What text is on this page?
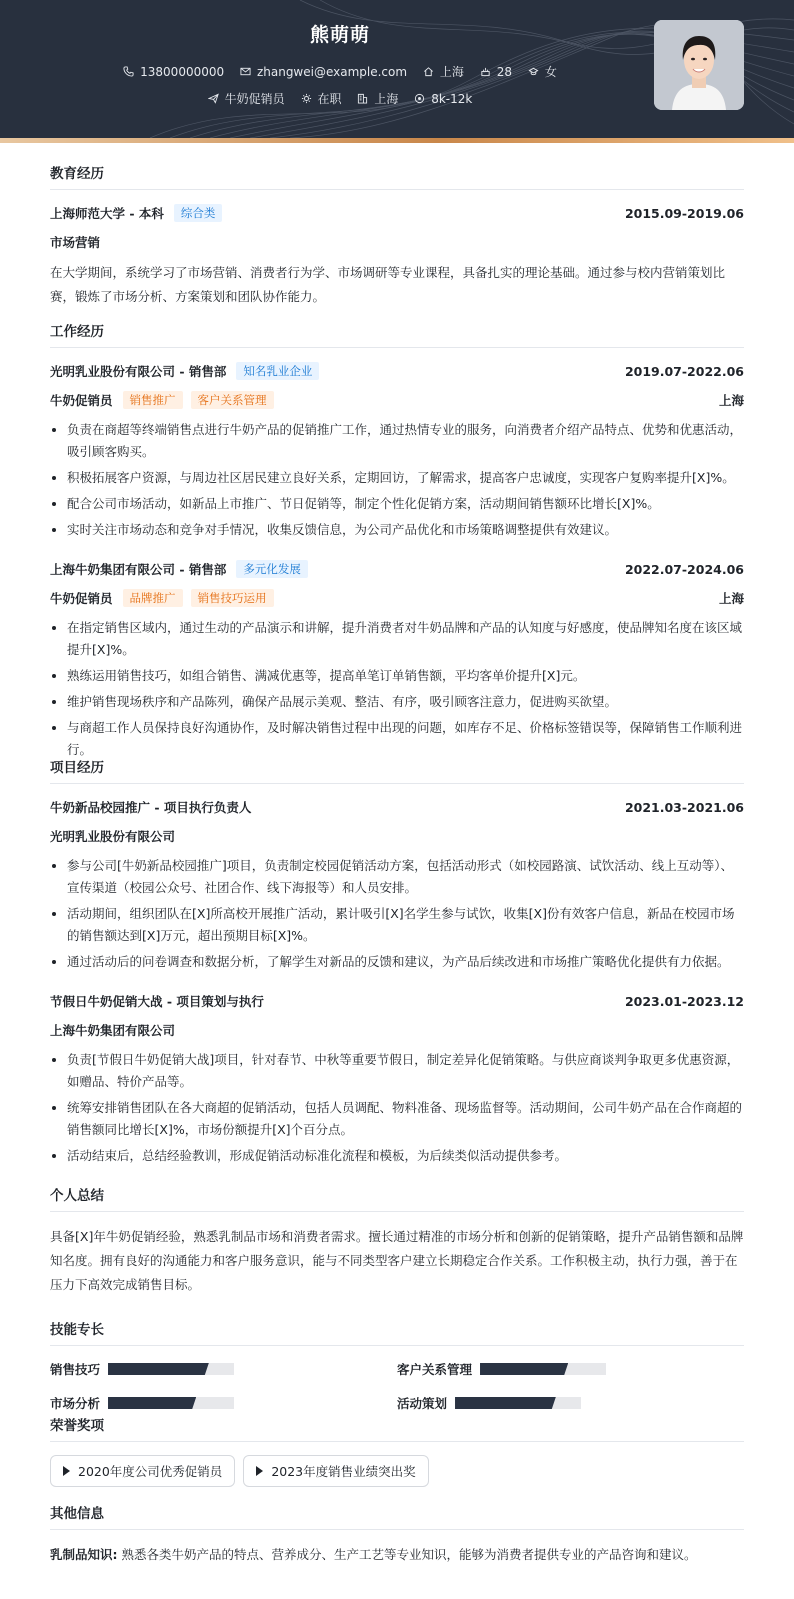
熊萌萌
13800000000	zhangwei@example.com	上海	28	女
牛奶促销员	在职	上海	8k-12k
教育经历
上海师范大学 - 本科	综合类	2015.09-2019.06
市场营销
在大学期间，系统学习了市场营销、消费者行为学、市场调研等专业课程，具备扎实的理论基础。通过参与校内营销策划比赛，锻炼了市场分析、方案策划和团队协作能力。
工作经历
光明乳业股份有限公司 - 销售部	知名乳业企业	2019.07-2022.06
牛奶促销员	销售推广	客户关系管理	上海
负责在商超等终端销售点进行牛奶产品的促销推广工作，通过热情专业的服务，向消费者介绍产品特点、优势和优惠活动，吸引顾客购买。
积极拓展客户资源，与周边社区居民建立良好关系，定期回访，了解需求，提高客户忠诚度，实现客户复购率提升[X]%。
配合公司市场活动，如新品上市推广、节日促销等，制定个性化促销方案，活动期间销售额环比增长[X]%。
实时关注市场动态和竞争对手情况，收集反馈信息，为公司产品优化和市场策略调整提供有效建议。
上海牛奶集团有限公司 - 销售部	多元化发展	2022.07-2024.06
牛奶促销员	品牌推广	销售技巧运用	上海
在指定销售区域内，通过生动的产品演示和讲解，提升消费者对牛奶品牌和产品的认知度与好感度，使品牌知名度在该区域提升[X]%。
熟练运用销售技巧，如组合销售、满减优惠等，提高单笔订单销售额，平均客单价提升[X]元。
维护销售现场秩序和产品陈列，确保产品展示美观、整洁、有序，吸引顾客注意力，促进购买欲望。
与商超工作人员保持良好沟通协作，及时解决销售过程中出现的问题，如库存不足、价格标签错误等，保障销售工作顺利进行。
项目经历
牛奶新品校园推广 - 项目执行负责人	2021.03-2021.06
光明乳业股份有限公司
参与公司[牛奶新品校园推广]项目，负责制定校园促销活动方案，包括活动形式（如校园路演、试饮活动、线上互动等）、宣传渠道（校园公众号、社团合作、线下海报等）和人员安排。
活动期间，组织团队在[X]所高校开展推广活动，累计吸引[X]名学生参与试饮，收集[X]份有效客户信息，新品在校园市场的销售额达到[X]万元，超出预期目标[X]%。
通过活动后的问卷调查和数据分析，了解学生对新品的反馈和建议，为产品后续改进和市场推广策略优化提供有力依据。
节假日牛奶促销大战 - 项目策划与执行	2023.01-2023.12
上海牛奶集团有限公司
负责[节假日牛奶促销大战]项目，针对春节、中秋等重要节假日，制定差异化促销策略。与供应商谈判争取更多优惠资源，如赠品、特价产品等。
统筹安排销售团队在各大商超的促销活动，包括人员调配、物料准备、现场监督等。活动期间，公司牛奶产品在合作商超的销售额同比增长[X]%，市场份额提升[X]个百分点。
活动结束后，总结经验教训，形成促销活动标准化流程和模板，为后续类似活动提供参考。
个人总结
具备[X]年牛奶促销经验，熟悉乳制品市场和消费者需求。擅长通过精准的市场分析和创新的促销策略，提升产品销售额和品牌知名度。拥有良好的沟通能力和客户服务意识，能与不同类型客户建立长期稳定合作关系。工作积极主动，执行力强，善于在压力下高效完成销售目标。
技能专长
销售技巧	客户关系管理
市场分析	活动策划
荣誉奖项
2020年度公司优秀促销员	2023年度销售业绩突出奖
其他信息
乳制品知识: 熟悉各类牛奶产品的特点、营养成分、生产工艺等专业知识，能够为消费者提供专业的产品咨询和建议。
